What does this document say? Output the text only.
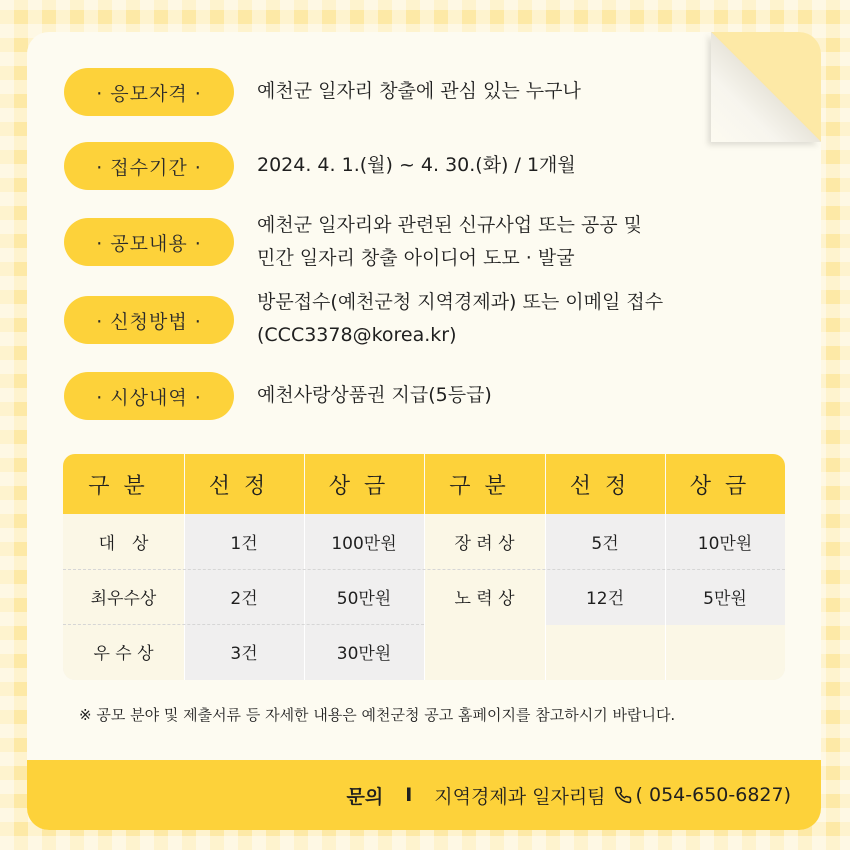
· 응모자격 ·	예천군 일자리 창출에 관심 있는 누구나
· 접수기간 ·	2024. 4. 1.(월) ~ 4. 30.(화) / 1개월
· 공모내용 ·
예천군 일자리와 관련된 신규사업 또는 공공 및
민간 일자리 창출 아이디어 도모 · 발굴
· 신청방법 ·
방문접수(예천군청 지역경제과) 또는 이메일 접수
(CCC3378@korea.kr)
· 시상내역 ·	예천사랑상품권 지급(5등급)
구분	선정	상금	구분	선정	상금
대　상	1건	100만원	장 려 상	5건	10만원
최우수상	2건	50만원	노 력 상	12건	5만원
우 수 상	3건	30만원
※ 공모 분야 및 제출서류 등 자세한 내용은 예천군청 공고 홈페이지를 참고하시기 바랍니다.
문의 I 지역경제과 일자리팀 ( 054-650-6827)
